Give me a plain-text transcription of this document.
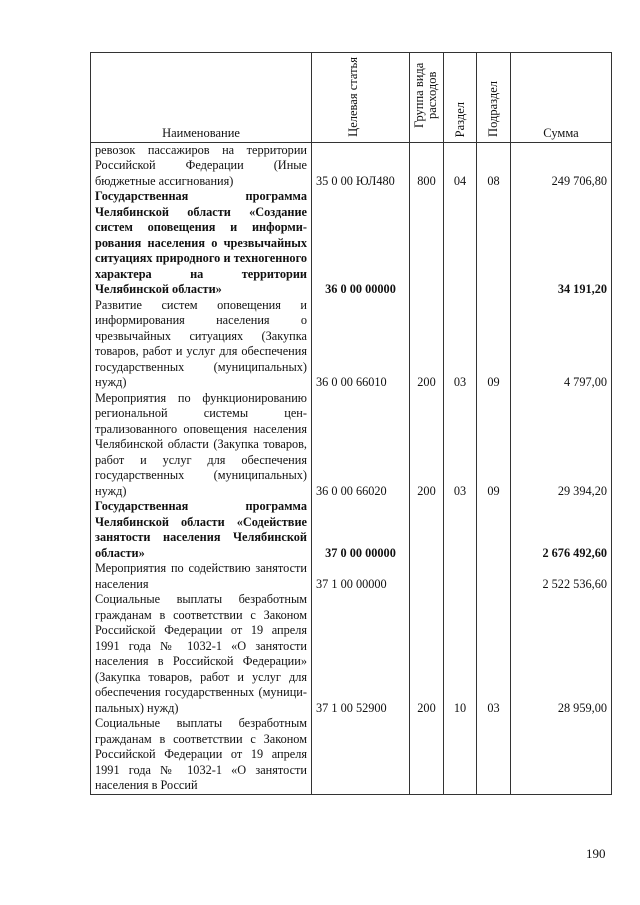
Наименование	Целевая статья	Группа вида расходов	Раздел	Подраздел	Сумма
ревозок пассажиров на территории Российской Федерации (Иные бюджетные ассигнования)	35 0 00 ЮЛ480	800	04	08	249 706,80
Государственная программа Челябинской области «Создание систем оповещения и информирования населения о чрезвычайных ситуациях природного и техногенного характера на территории Челябинской области»	36 0 00 00000				34 191,20
Развитие систем оповещения и информирования населения о чрезвычайных ситуациях (Закупка товаров, работ и услуг для обеспечения государственных (муниципальных) нужд)	36 0 00 66010	200	03	09	4 797,00
Мероприятия по функционированию региональной системы централизованного оповещения населения Челябинской области (Закупка товаров, работ и услуг для обеспечения государственных (муниципальных) нужд)	36 0 00 66020	200	03	09	29 394,20
Государственная программа Челябинской области «Содействие занятости населения Челябинской области»	37 0 00 00000				2 676 492,60
Мероприятия по содействию занятости населения	37 1 00 00000				2 522 536,60
Социальные выплаты безработным гражданам в соответствии с Законом Российской Федерации от 19 апреля 1991 года № 1032-1 «О занятости населения в Российской Федерации» (Закупка товаров, работ и услуг для обеспечения государственных (муниципальных) нужд)	37 1 00 52900	200	10	03	28 959,00
Социальные выплаты безработным гражданам в соответствии с Законом Российской Федерации от 19 апреля 1991 года № 1032-1 «О занятости населения в Россий					
190
